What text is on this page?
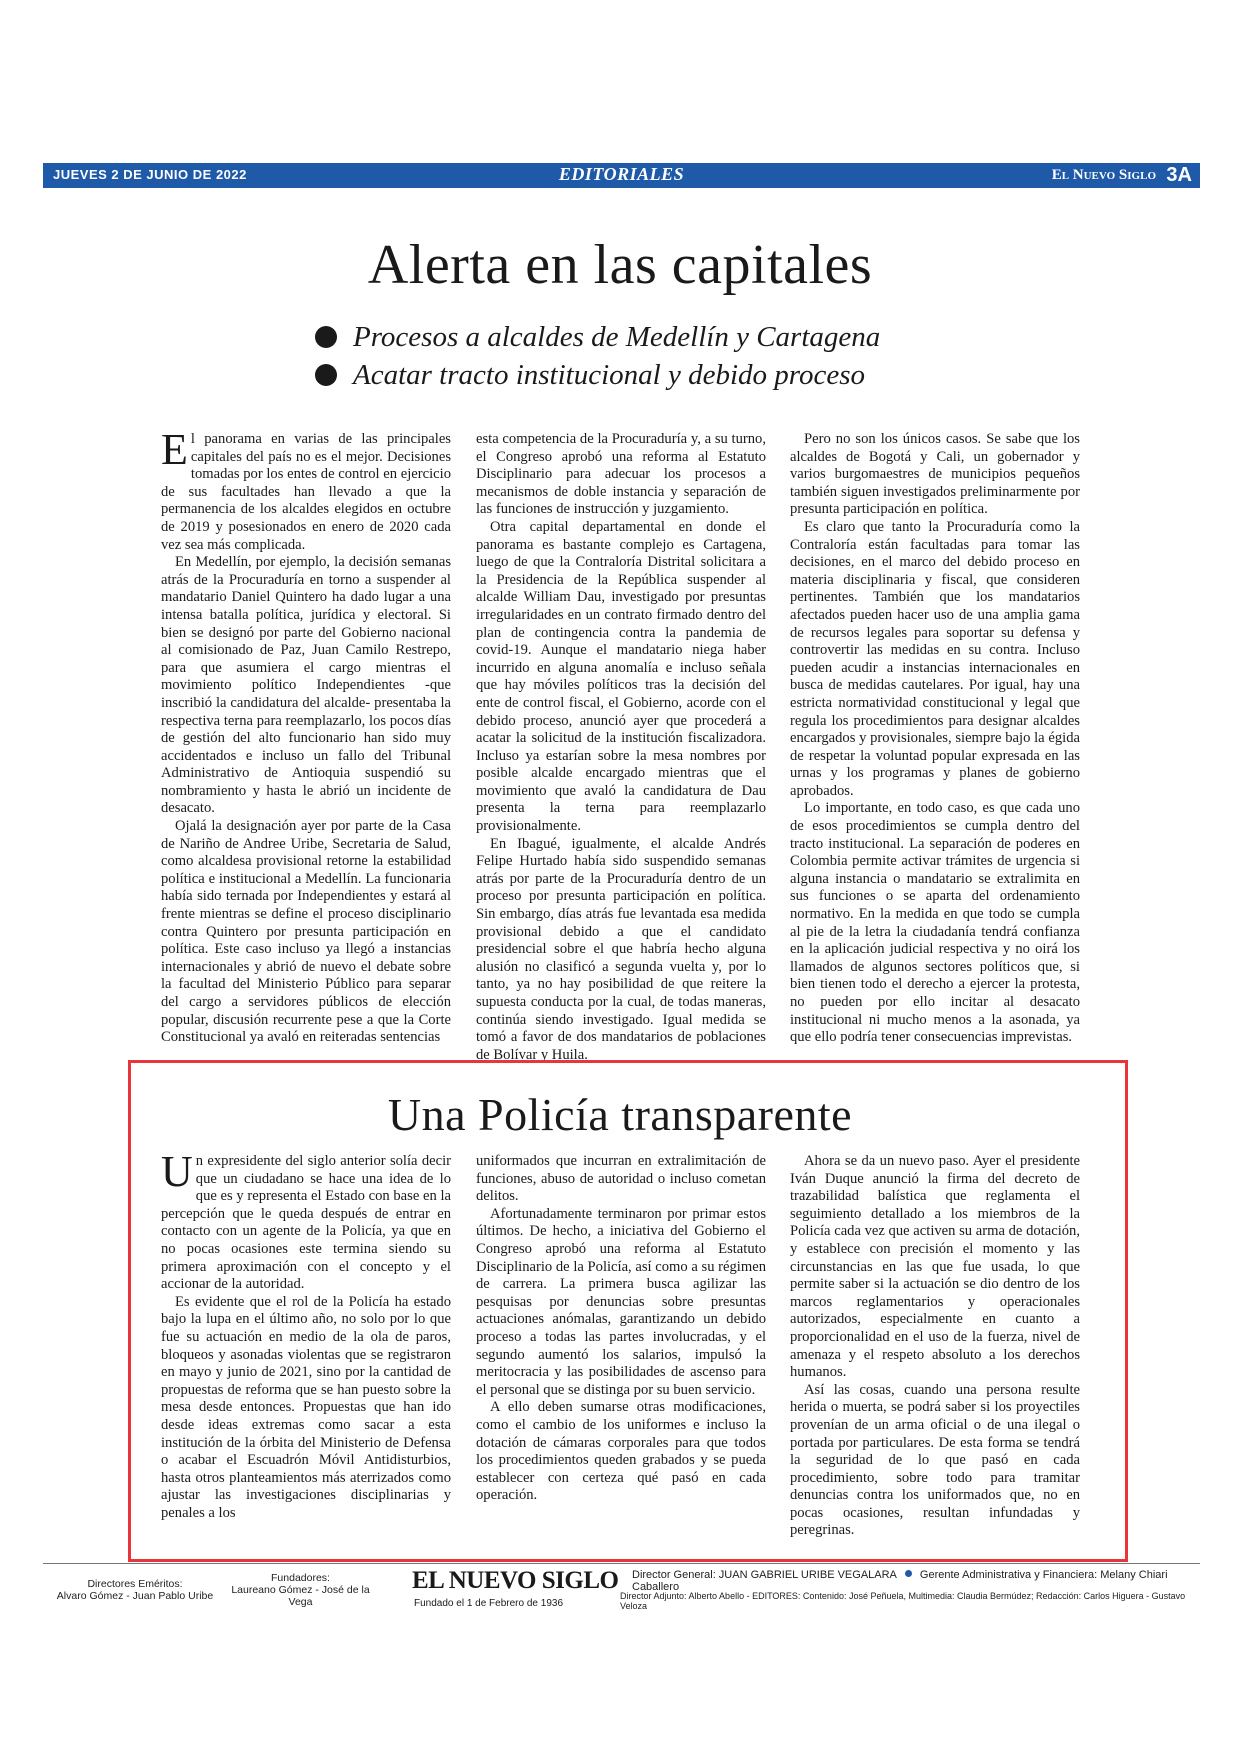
JUEVES 2 DE JUNIO DE 2022	EDITORIALES	El Nuevo Siglo 3A
Alerta en las capitales
Procesos a alcaldes de Medellín y Cartagena
Acatar tracto institucional y debido proceso

El panorama en varias de las principales capitales del país no es el mejor. Decisiones tomadas por los entes de control en ejercicio de sus facultades han llevado a que la permanencia de los alcaldes elegidos en octubre de 2019 y posesionados en enero de 2020 cada vez sea más complicada.

En Medellín, por ejemplo, la decisión semanas atrás de la Procuraduría en torno a suspender al mandatario Daniel Quintero ha dado lugar a una intensa batalla política, jurídica y electoral. Si bien se designó por parte del Gobierno nacional al comisionado de Paz, Juan Camilo Restrepo, para que asumiera el cargo mientras el movimiento político Independientes -que inscribió la candidatura del alcalde- presentaba la respectiva terna para reemplazarlo, los pocos días de gestión del alto funcionario han sido muy accidentados e incluso un fallo del Tribunal Administrativo de Antioquia suspendió su nombramiento y hasta le abrió un incidente de desacato.

Ojalá la designación ayer por parte de la Casa de Nariño de Andree Uribe, Secretaria de Salud, como alcaldesa provisional retorne la estabilidad política e institucional a Medellín. La funcionaria había sido ternada por Independientes y estará al frente mientras se define el proceso disciplinario contra Quintero por presunta participación en política. Este caso incluso ya llegó a instancias internacionales y abrió de nuevo el debate sobre la facultad del Ministerio Público para separar del cargo a servidores públicos de elección popular, discusión recurrente pese a que la Corte Constitucional ya avaló en reiteradas sentencias

esta competencia de la Procuraduría y, a su turno, el Congreso aprobó una reforma al Estatuto Disciplinario para adecuar los procesos a mecanismos de doble instancia y separación de las funciones de instrucción y juzgamiento.

Otra capital departamental en donde el panorama es bastante complejo es Cartagena, luego de que la Contraloría Distrital solicitara a la Presidencia de la República suspender al alcalde William Dau, investigado por presuntas irregularidades en un contrato firmado dentro del plan de contingencia contra la pandemia de covid-19. Aunque el mandatario niega haber incurrido en alguna anomalía e incluso señala que hay móviles políticos tras la decisión del ente de control fiscal, el Gobierno, acorde con el debido proceso, anunció ayer que procederá a acatar la solicitud de la institución fiscalizadora. Incluso ya estarían sobre la mesa nombres por posible alcalde encargado mientras que el movimiento que avaló la candidatura de Dau presenta la terna para reemplazarlo provisionalmente.

En Ibagué, igualmente, el alcalde Andrés Felipe Hurtado había sido suspendido semanas atrás por parte de la Procuraduría dentro de un proceso por presunta participación en política. Sin embargo, días atrás fue levantada esa medida provisional debido a que el candidato presidencial sobre el que habría hecho alguna alusión no clasificó a segunda vuelta y, por lo tanto, ya no hay posibilidad de que reitere la supuesta conducta por la cual, de todas maneras, continúa siendo investigado. Igual medida se tomó a favor de dos mandatarios de poblaciones de Bolívar y Huila.

Pero no son los únicos casos. Se sabe que los alcaldes de Bogotá y Cali, un gobernador y varios burgomaestres de municipios pequeños también siguen investigados preliminarmente por presunta participación en política.

Es claro que tanto la Procuraduría como la Contraloría están facultadas para tomar las decisiones, en el marco del debido proceso en materia disciplinaria y fiscal, que consideren pertinentes. También que los mandatarios afectados pueden hacer uso de una amplia gama de recursos legales para soportar su defensa y controvertir las medidas en su contra. Incluso pueden acudir a instancias internacionales en busca de medidas cautelares. Por igual, hay una estricta normatividad constitucional y legal que regula los procedimientos para designar alcaldes encargados y provisionales, siempre bajo la égida de respetar la voluntad popular expresada en las urnas y los programas y planes de gobierno aprobados.

Lo importante, en todo caso, es que cada uno de esos procedimientos se cumpla dentro del tracto institucional. La separación de poderes en Colombia permite activar trámites de urgencia si alguna instancia o mandatario se extralimita en sus funciones o se aparta del ordenamiento normativo. En la medida en que todo se cumpla al pie de la letra la ciudadanía tendrá confianza en la aplicación judicial respectiva y no oirá los llamados de algunos sectores políticos que, si bien tienen todo el derecho a ejercer la protesta, no pueden por ello incitar al desacato institucional ni mucho menos a la asonada, ya que ello podría tener consecuencias imprevistas.

Una Policía transparente

Un expresidente del siglo anterior solía decir que un ciudadano se hace una idea de lo que es y representa el Estado con base en la percepción que le queda después de entrar en contacto con un agente de la Policía, ya que en no pocas ocasiones este termina siendo su primera aproximación con el concepto y el accionar de la autoridad.

Es evidente que el rol de la Policía ha estado bajo la lupa en el último año, no solo por lo que fue su actuación en medio de la ola de paros, bloqueos y asonadas violentas que se registraron en mayo y junio de 2021, sino por la cantidad de propuestas de reforma que se han puesto sobre la mesa desde entonces. Propuestas que han ido desde ideas extremas como sacar a esta institución de la órbita del Ministerio de Defensa o acabar el Escuadrón Móvil Antidisturbios, hasta otros planteamientos más aterrizados como ajustar las investigaciones disciplinarias y penales a los

uniformados que incurran en extralimitación de funciones, abuso de autoridad o incluso cometan delitos.

Afortunadamente terminaron por primar estos últimos. De hecho, a iniciativa del Gobierno el Congreso aprobó una reforma al Estatuto Disciplinario de la Policía, así como a su régimen de carrera. La primera busca agilizar las pesquisas por denuncias sobre presuntas actuaciones anómalas, garantizando un debido proceso a todas las partes involucradas, y el segundo aumentó los salarios, impulsó la meritocracia y las posibilidades de ascenso para el personal que se distinga por su buen servicio.

A ello deben sumarse otras modificaciones, como el cambio de los uniformes e incluso la dotación de cámaras corporales para que todos los procedimientos queden grabados y se pueda establecer con certeza qué pasó en cada operación.

Ahora se da un nuevo paso. Ayer el presidente Iván Duque anunció la firma del decreto de trazabilidad balística que reglamenta el seguimiento detallado a los miembros de la Policía cada vez que activen su arma de dotación, y establece con precisión el momento y las circunstancias en las que fue usada, lo que permite saber si la actuación se dio dentro de los marcos reglamentarios y operacionales autorizados, especialmente en cuanto a proporcionalidad en el uso de la fuerza, nivel de amenaza y el respeto absoluto a los derechos humanos.

Así las cosas, cuando una persona resulte herida o muerta, se podrá saber si los proyectiles provenían de un arma oficial o de una ilegal o portada por particulares. De esta forma se tendrá la seguridad de lo que pasó en cada procedimiento, sobre todo para tramitar denuncias contra los uniformados que, no en pocas ocasiones, resultan infundadas y peregrinas.

Directores Eméritos:
Alvaro Gómez - Juan Pablo Uribe
Fundadores:
Laureano Gómez - José de la Vega
EL NUEVO SIGLO
Fundado el 1 de Febrero de 1936
Director General: JUAN GABRIEL URIBE VEGALARA Gerente Administrativa y Financiera: Melany Chiari Caballero
Director Adjunto: Alberto Abello - EDITORES: Contenido: José Peñuela, Multimedia: Claudia Bermúdez; Redacción: Carlos Higuera - Gustavo Veloza
